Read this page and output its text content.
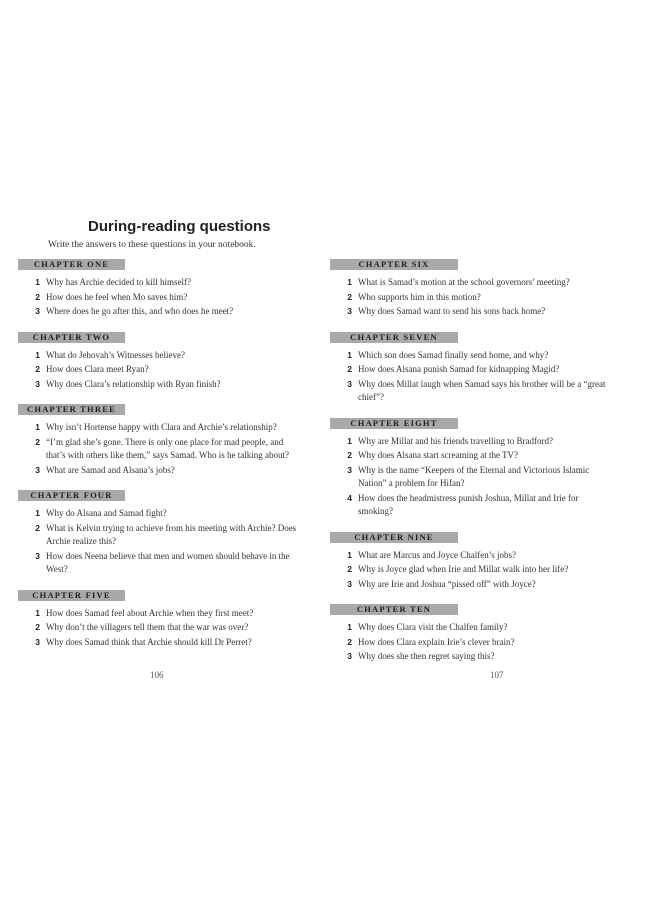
During-reading questions
Write the answers to these questions in your notebook.
CHAPTER ONE
1 Why has Archie decided to kill himself?
2 How does he feel when Mo saves him?
3 Where does he go after this, and who does he meet?
CHAPTER TWO
1 What do Jehovah’s Witnesses believe?
2 How does Clara meet Ryan?
3 Why does Clara’s relationship with Ryan finish?
CHAPTER THREE
1 Why isn’t Hortense happy with Clara and Archie’s relationship?
2 “I’m glad she’s gone. There is only one place for mad people, and that’s with others like them,” says Samad. Who is he talking about?
3 What are Samad and Alsana’s jobs?
CHAPTER FOUR
1 Why do Alsana and Samad fight?
2 What is Kelvin trying to achieve from his meeting with Archie? Does Archie realize this?
3 How does Neena believe that men and women should behave in the West?
CHAPTER FIVE
1 How does Samad feel about Archie when they first meet?
2 Why don’t the villagers tell them that the war was over?
3 Why does Samad think that Archie should kill Dr Perret?
CHAPTER SIX
1 What is Samad’s motion at the school governors’ meeting?
2 Who supports him in this motion?
3 Why does Samad want to send his sons back home?
CHAPTER SEVEN
1 Which son does Samad finally send home, and why?
2 How does Alsana punish Samad for kidnapping Magid?
3 Why does Millat laugh when Samad says his brother will be a “great chief”?
CHAPTER EIGHT
1 Why are Millat and his friends travelling to Bradford?
2 Why does Alsana start screaming at the TV?
3 Why is the name “Keepers of the Eternal and Victorious Islamic Nation” a problem for Hifan?
4 How does the headmistress punish Joshua, Millat and Irie for smoking?
CHAPTER NINE
1 What are Marcus and Joyce Chalfen’s jobs?
2 Why is Joyce glad when Irie and Millat walk into her life?
3 Why are Irie and Joshua “pissed off” with Joyce?
CHAPTER TEN
1 Why does Clara visit the Chalfen family?
2 How does Clara explain Irie’s clever brain?
3 Why does she then regret saying this?
106	107
